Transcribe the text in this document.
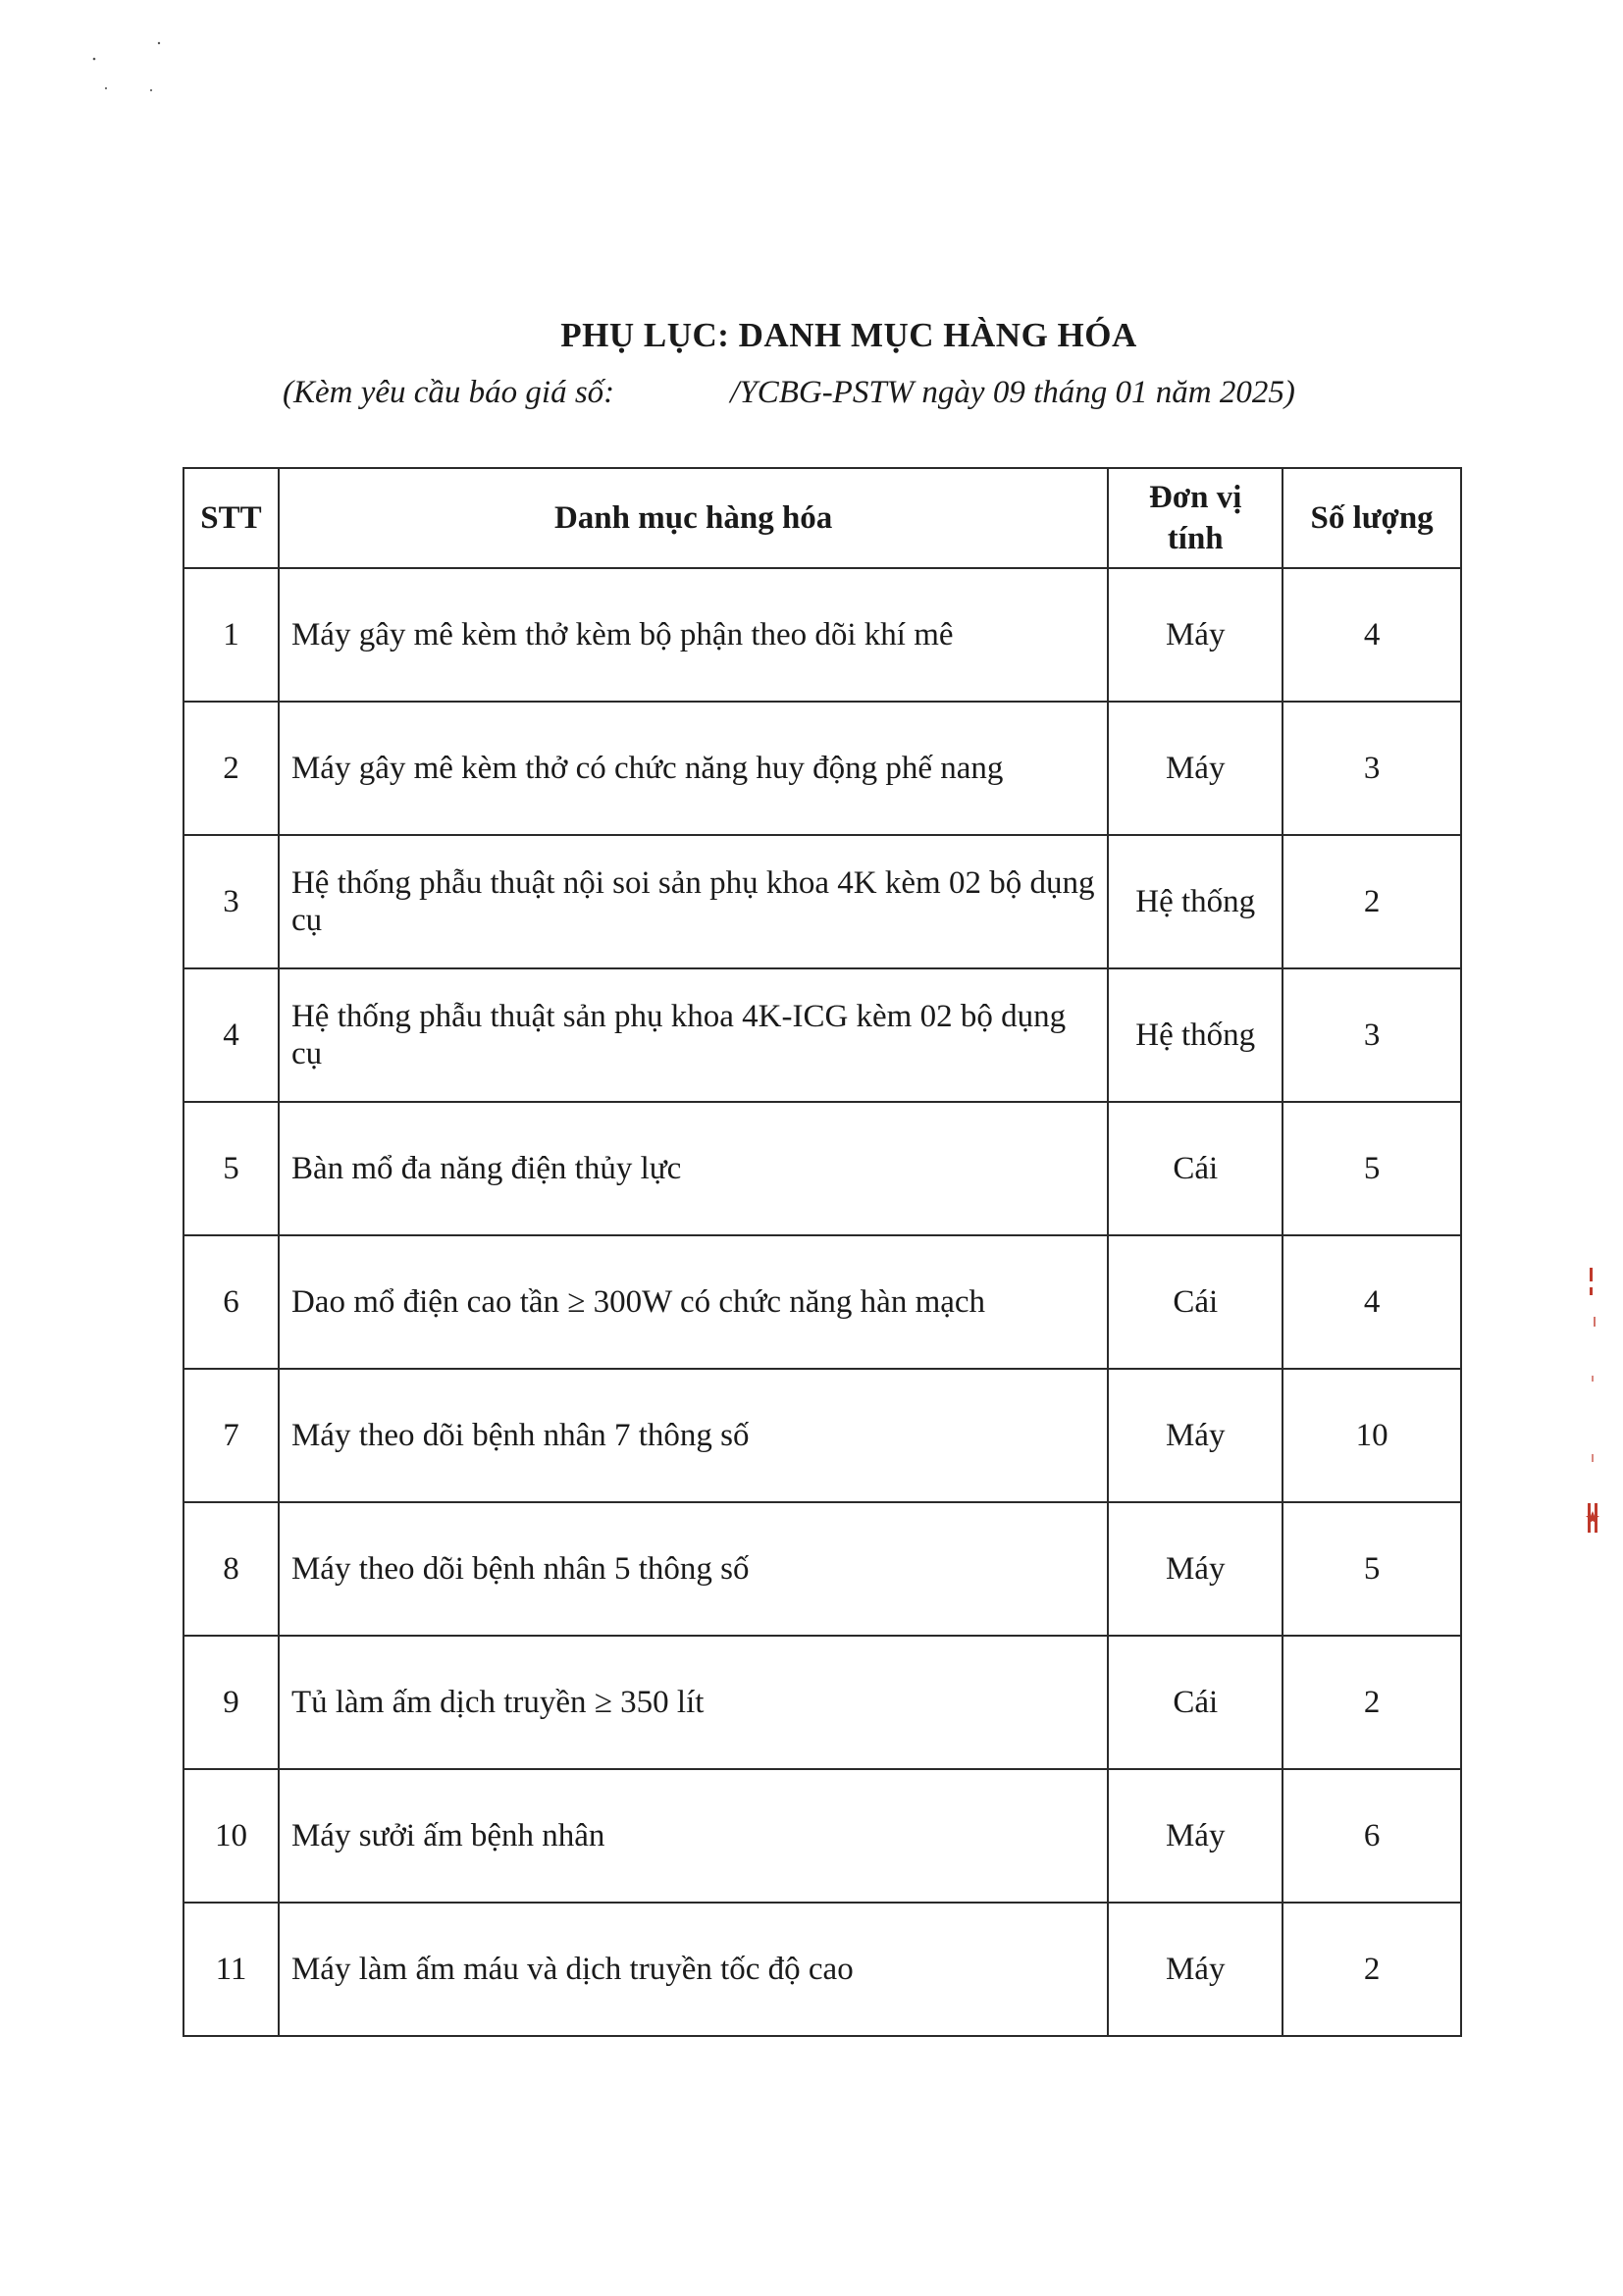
PHỤ LỤC: DANH MỤC HÀNG HÓA
(Kèm yêu cầu báo giá số:	/YCBG-PSTW ngày 09 tháng 01 năm 2025)
STT	Danh mục hàng hóa	Đơn vị tính	Số lượng
1	Máy gây mê kèm thở kèm bộ phận theo dõi khí mê	Máy	4
2	Máy gây mê kèm thở có chức năng huy động phế nang	Máy	3
3	Hệ thống phẫu thuật nội soi sản phụ khoa 4K kèm 02 bộ dụng cụ	Hệ thống	2
4	Hệ thống phẫu thuật sản phụ khoa 4K-ICG kèm 02 bộ dụng cụ	Hệ thống	3
5	Bàn mổ đa năng điện thủy lực	Cái	5
6	Dao mổ điện cao tần ≥ 300W có chức năng hàn mạch	Cái	4
7	Máy theo dõi bệnh nhân 7 thông số	Máy	10
8	Máy theo dõi bệnh nhân 5 thông số	Máy	5
9	Tủ làm ấm dịch truyền ≥ 350 lít	Cái	2
10	Máy sưởi ấm bệnh nhân	Máy	6
11	Máy làm ấm máu và dịch truyền tốc độ cao	Máy	2
